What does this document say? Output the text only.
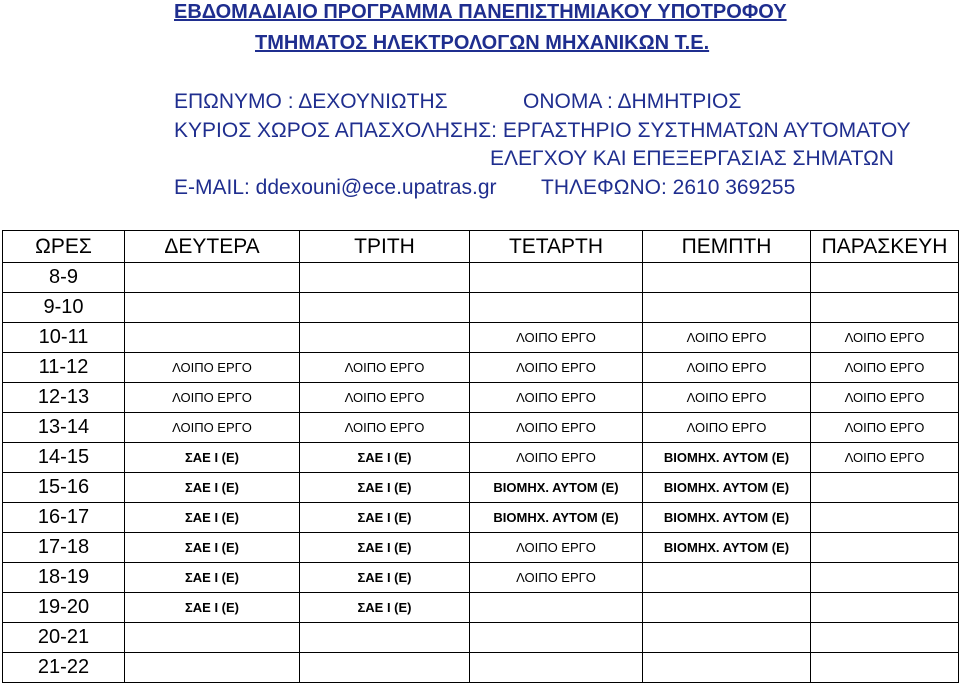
ΕΒΔΟΜΑΔΙΑΙΟ ΠΡΟΓΡΑΜΜΑ ΠΑΝΕΠΙΣΤΗΜΙΑΚΟΥ ΥΠΟΤΡΟΦΟΥ
ΤΜΗΜΑΤΟΣ ΗΛΕΚΤΡΟΛΟΓΩΝ ΜΗΧΑΝΙΚΩΝ Τ.Ε.
ΕΠΩΝΥΜΟ : ΔΕΧΟΥΝΙΩΤΗΣ	ΟΝΟΜΑ : ΔΗΜΗΤΡΙΟΣ
ΚΥΡΙΟΣ ΧΩΡΟΣ ΑΠΑΣΧΟΛΗΣΗΣ: ΕΡΓΑΣΤΗΡΙΟ ΣΥΣΤΗΜΑΤΩΝ ΑΥΤΟΜΑΤΟΥ
ΕΛΕΓΧΟΥ ΚΑΙ ΕΠΕΞΕΡΓΑΣΙΑΣ ΣΗΜΑΤΩΝ
E-MAIL: ddexouni@ece.upatras.gr ΤΗΛΕΦΩΝΟ: 2610 369255
ΩΡΕΣ	ΔΕΥΤΕΡΑ	ΤΡΙΤΗ	ΤΕΤΑΡΤΗ	ΠΕΜΠΤΗ	ΠΑΡΑΣΚΕΥΗ
8-9					
9-10					
10-11			ΛΟΙΠΟ ΕΡΓΟ	ΛΟΙΠΟ ΕΡΓΟ	ΛΟΙΠΟ ΕΡΓΟ
11-12	ΛΟΙΠΟ ΕΡΓΟ	ΛΟΙΠΟ ΕΡΓΟ	ΛΟΙΠΟ ΕΡΓΟ	ΛΟΙΠΟ ΕΡΓΟ	ΛΟΙΠΟ ΕΡΓΟ
12-13	ΛΟΙΠΟ ΕΡΓΟ	ΛΟΙΠΟ ΕΡΓΟ	ΛΟΙΠΟ ΕΡΓΟ	ΛΟΙΠΟ ΕΡΓΟ	ΛΟΙΠΟ ΕΡΓΟ
13-14	ΛΟΙΠΟ ΕΡΓΟ	ΛΟΙΠΟ ΕΡΓΟ	ΛΟΙΠΟ ΕΡΓΟ	ΛΟΙΠΟ ΕΡΓΟ	ΛΟΙΠΟ ΕΡΓΟ
14-15	ΣΑΕ Ι (Ε)	ΣΑΕ Ι (Ε)	ΛΟΙΠΟ ΕΡΓΟ	ΒΙΟΜΗΧ. ΑΥΤΟΜ (Ε)	ΛΟΙΠΟ ΕΡΓΟ
15-16	ΣΑΕ Ι (Ε)	ΣΑΕ Ι (Ε)	ΒΙΟΜΗΧ. ΑΥΤΟΜ (Ε)	ΒΙΟΜΗΧ. ΑΥΤΟΜ (Ε)	
16-17	ΣΑΕ Ι (Ε)	ΣΑΕ Ι (Ε)	ΒΙΟΜΗΧ. ΑΥΤΟΜ (Ε)	ΒΙΟΜΗΧ. ΑΥΤΟΜ (Ε)	
17-18	ΣΑΕ Ι (Ε)	ΣΑΕ Ι (Ε)	ΛΟΙΠΟ ΕΡΓΟ	ΒΙΟΜΗΧ. ΑΥΤΟΜ (Ε)	
18-19	ΣΑΕ Ι (Ε)	ΣΑΕ Ι (Ε)	ΛΟΙΠΟ ΕΡΓΟ		
19-20	ΣΑΕ Ι (Ε)	ΣΑΕ Ι (Ε)			
20-21					
21-22					
